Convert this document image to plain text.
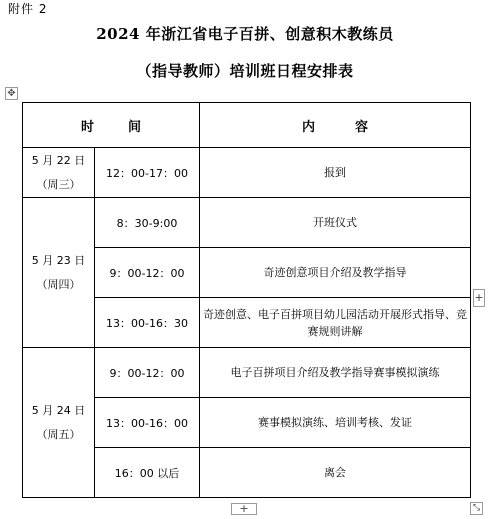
附件 2
2024 年浙江省电子百拼、创意积木教练员
（指导教师）培训班日程安排表
✥
时间		内容

5 月 22 日
（周三）	12：00-17：00	报到

5 月 23 日
（周四）	8：30-9:00	开班仪式
	9：00-12：00	奇迹创意项目介绍及教学指导
	13：00-16：30	奇迹创意、电子百拼项目幼儿园活动开展形式指导、竞赛规则讲解

5 月 24 日
（周五）	9：00-12：00	电子百拼项目介绍及教学指导赛事模拟演练
	13：00-16：00	赛事模拟演练、培训考核、发证
	16：00 以后	离会
+
+	⤡
